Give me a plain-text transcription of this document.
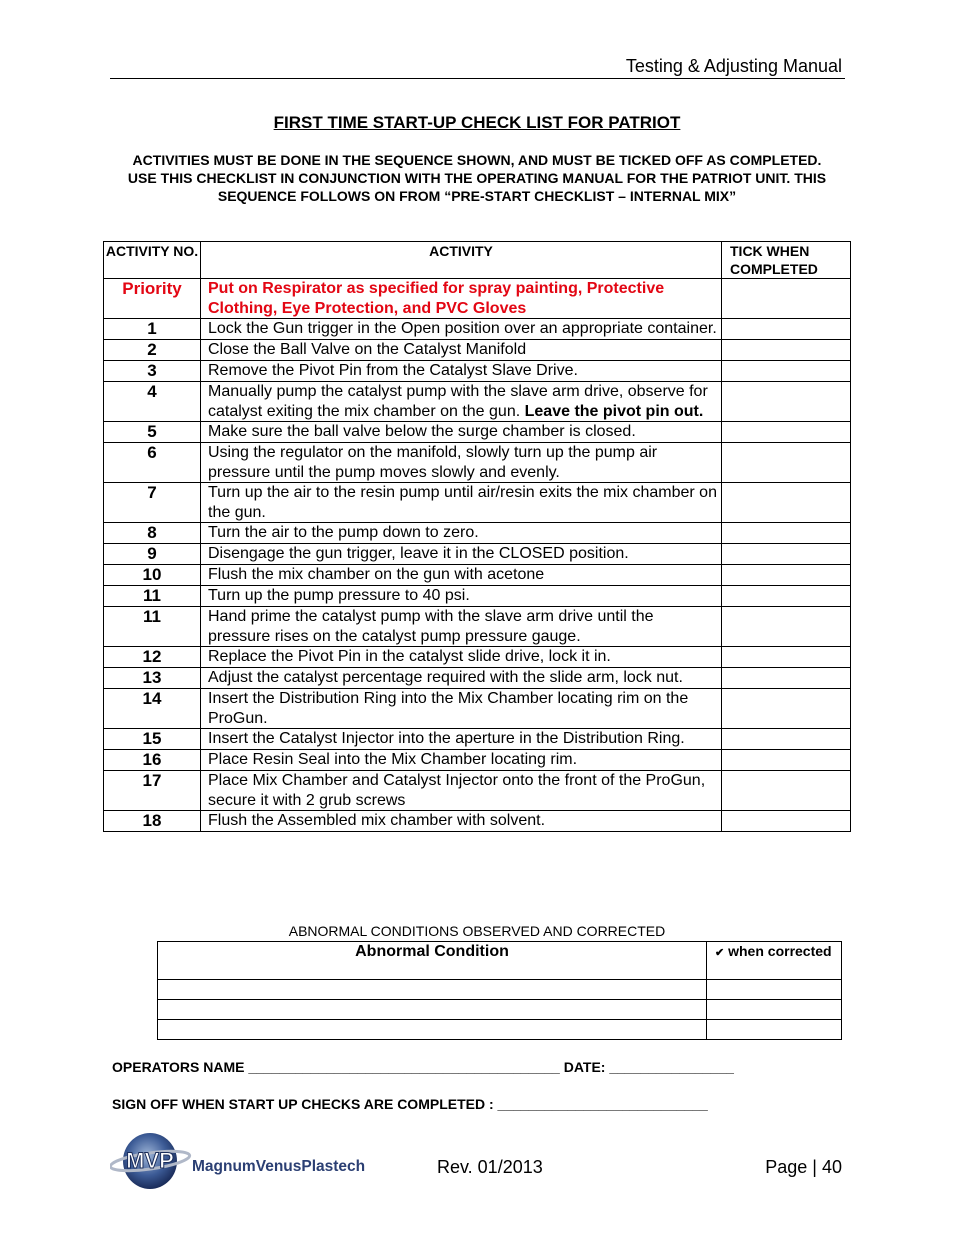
Testing & Adjusting Manual
FIRST TIME START-UP CHECK LIST FOR PATRIOT
ACTIVITIES MUST BE DONE IN THE SEQUENCE SHOWN, AND MUST BE TICKED OFF AS COMPLETED. USE THIS CHECKLIST IN CONJUNCTION WITH THE OPERATING MANUAL FOR THE PATRIOT UNIT. THIS SEQUENCE FOLLOWS ON FROM “PRE-START CHECKLIST – INTERNAL MIX”
ACTIVITY NO.	ACTIVITY	TICK WHEN COMPLETED
Priority	Put on Respirator as specified for spray painting, Protective Clothing, Eye Protection, and PVC Gloves	
1	Lock the Gun trigger in the Open position over an appropriate container.	
2	Close the Ball Valve on the Catalyst Manifold	
3	Remove the Pivot Pin from the Catalyst Slave Drive.	
4	Manually pump the catalyst pump with the slave arm drive, observe for catalyst exiting the mix chamber on the gun. Leave the pivot pin out.	
5	Make sure the ball valve below the surge chamber is closed.	
6	Using the regulator on the manifold, slowly turn up the pump air pressure until the pump moves slowly and evenly.	
7	Turn up the air to the resin pump until air/resin exits the mix chamber on the gun.	
8	Turn the air to the pump down to zero.	
9	Disengage the gun trigger, leave it in the CLOSED position.	
10	Flush the mix chamber on the gun with acetone	
11	Turn up the pump pressure to 40 psi.	
11	Hand prime the catalyst pump with the slave arm drive until the pressure rises on the catalyst pump pressure gauge.	
12	Replace the Pivot Pin in the catalyst slide drive, lock it in.	
13	Adjust the catalyst percentage required with the slide arm, lock nut.	
14	Insert the Distribution Ring into the Mix Chamber locating rim on the ProGun.	
15	Insert the Catalyst Injector into the aperture in the Distribution Ring.	
16	Place Resin Seal into the Mix Chamber locating rim.	
17	Place Mix Chamber and Catalyst Injector onto the front of the ProGun, secure it with 2 grub screws	
18	Flush the Assembled mix chamber with solvent.	
ABNORMAL CONDITIONS OBSERVED AND CORRECTED
Abnormal Condition	✔ when corrected

OPERATORS NAME ________________________________________ DATE: ________________
SIGN OFF WHEN START UP CHECKS ARE COMPLETED : ___________________________
MVP MagnumVenusPlastech	Rev. 01/2013	Page | 40
